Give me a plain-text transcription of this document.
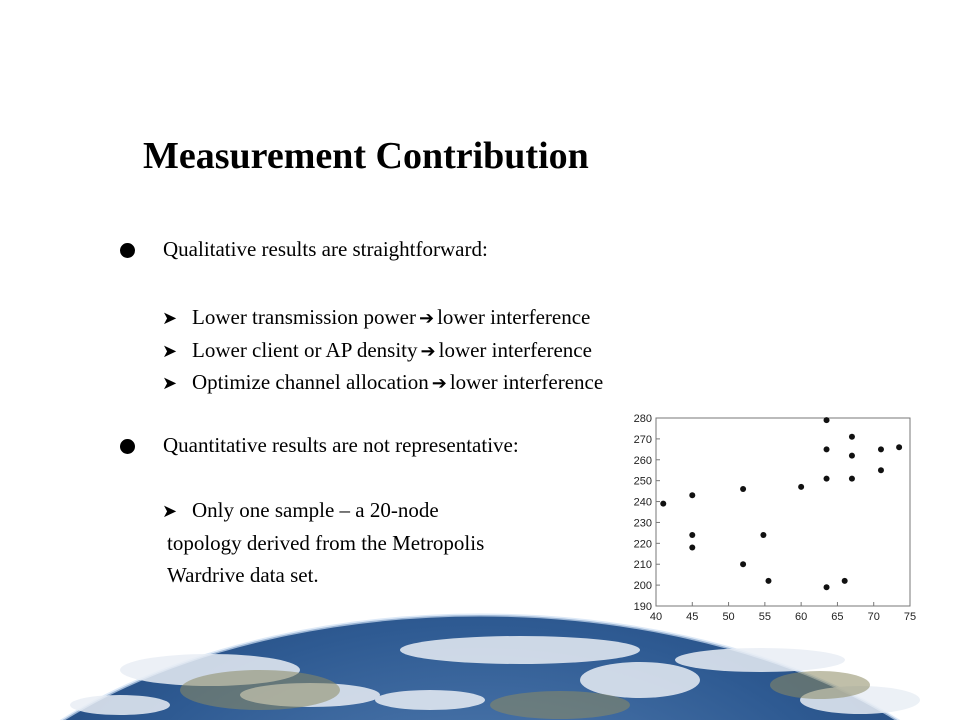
Measurement Contribution
Qualitative results are straightforward:
➤ Lower transmission power ➔ lower interference
➤ Lower client or AP density ➔ lower interference
➤ Optimize channel allocation ➔ lower interference
Quantitative results are not representative:
➤ Only one sample – a 20-node
topology derived from the Metropolis
Wardrive data set.
40 45 50 55 60 65 70 75
190
200
210
220
230
240
250
260
270
280
